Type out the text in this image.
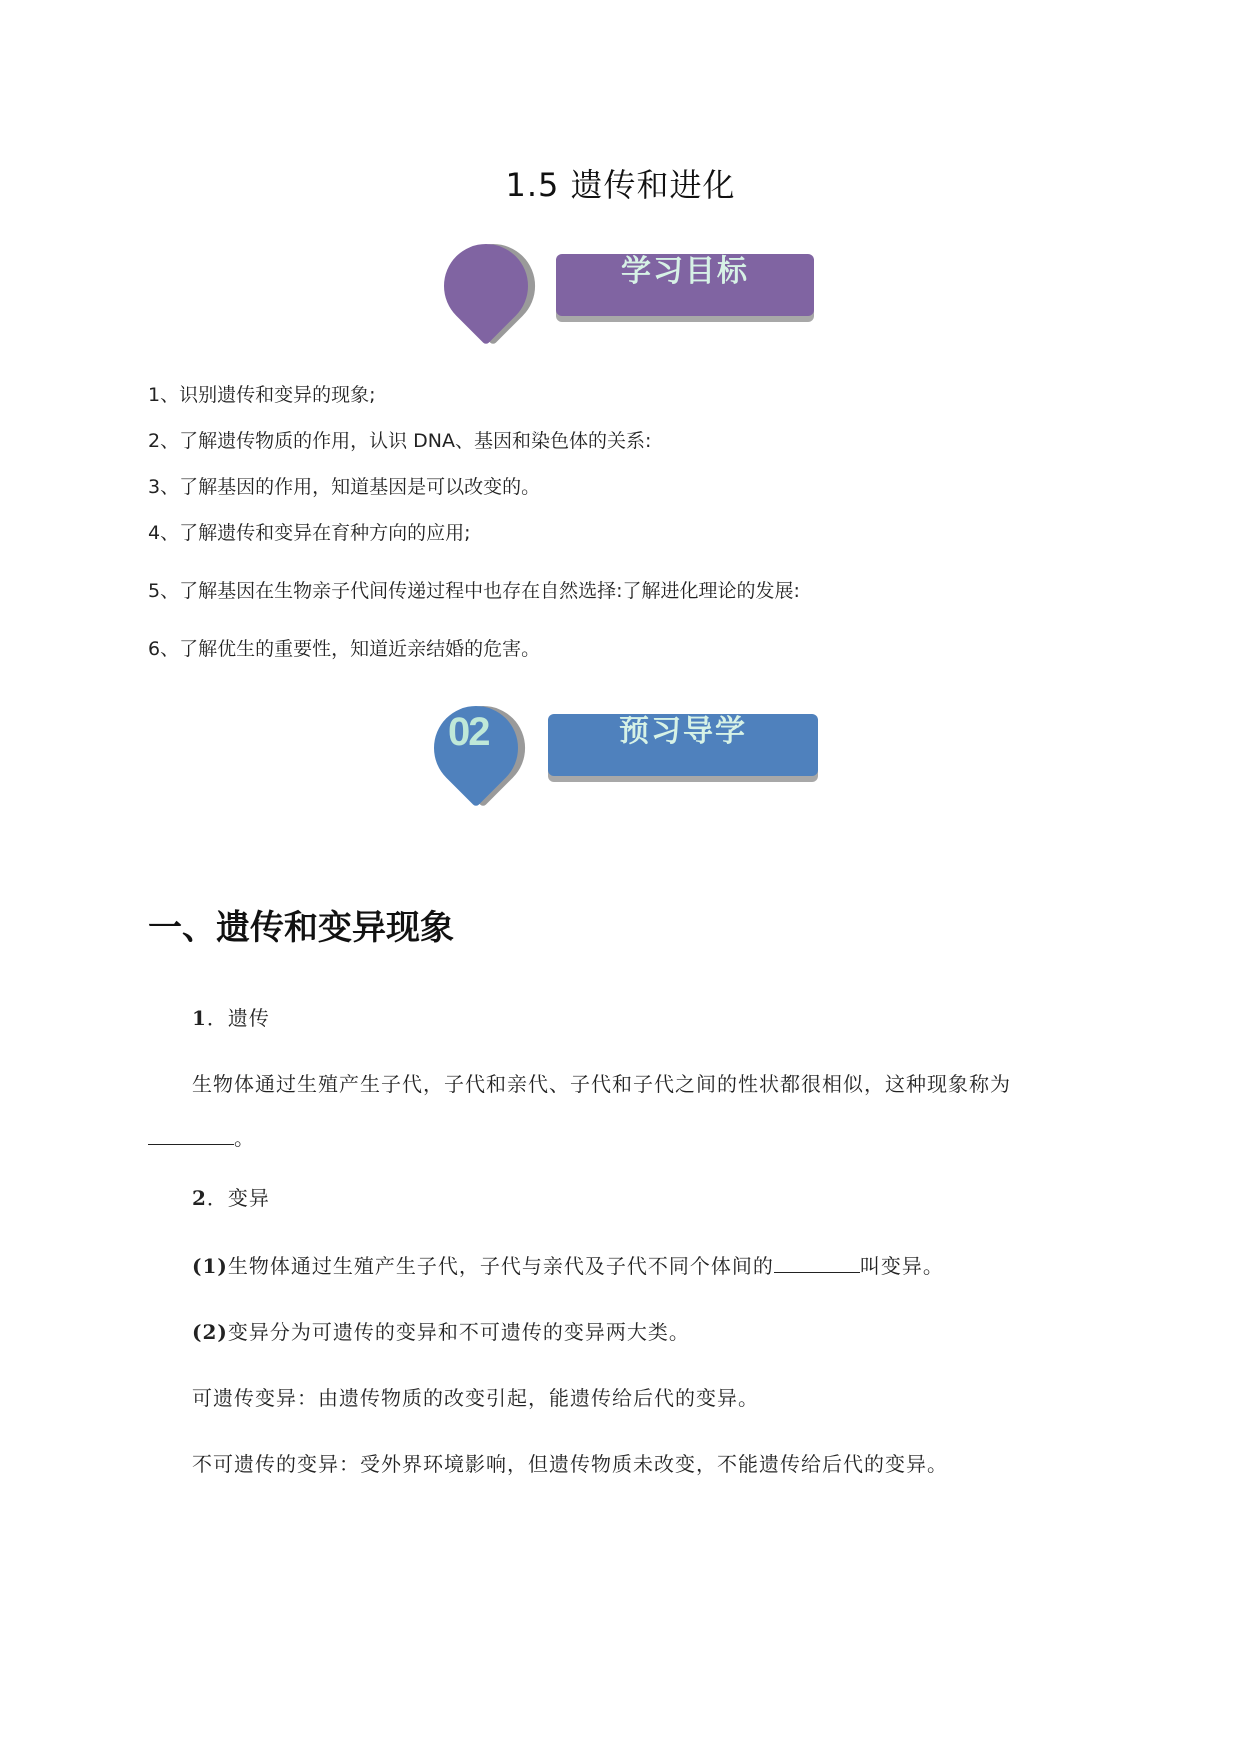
1.5 遗传和进化
学习目标
1、识别遗传和变异的现象;
2、了解遗传物质的作用，认识 DNA、基因和染色体的关系:
3、了解基因的作用，知道基因是可以改变的。
4、了解遗传和变异在育种方向的应用;
5、了解基因在生物亲子代间传递过程中也存在自然选择:了解进化理论的发展:
6、了解优生的重要性，知道近亲结婚的危害。
02	预习导学
一、遗传和变异现象
1．遗传
生物体通过生殖产生子代，子代和亲代、子代和子代之间的性状都很相似，这种现象称为
。
2．变异
(1)生物体通过生殖产生子代，子代与亲代及子代不同个体间的	叫变异。
(2)变异分为可遗传的变异和不可遗传的变异两大类。
可遗传变异：由遗传物质的改变引起，能遗传给后代的变异。
不可遗传的变异：受外界环境影响，但遗传物质未改变，不能遗传给后代的变异。
